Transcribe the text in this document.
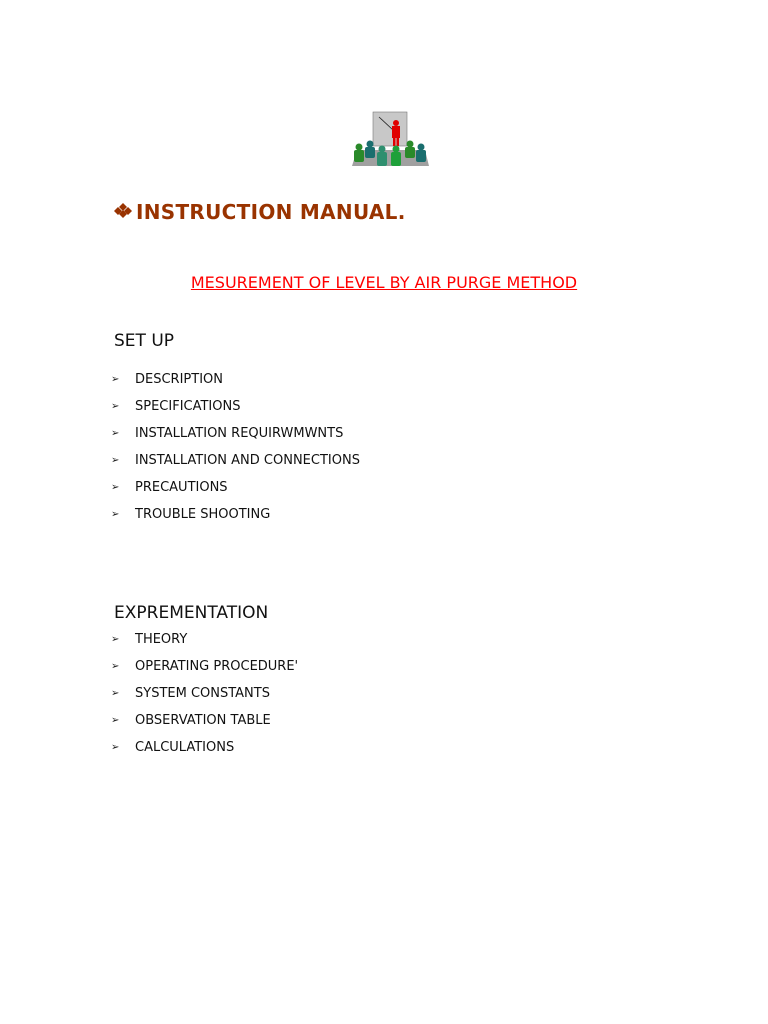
INSTRUCTION MANUAL.
MESUREMENT OF LEVEL BY AIR PURGE METHOD
SET UP
➢	DESCRIPTION
➢	SPECIFICATIONS
➢	INSTALLATION REQUIRWMWNTS
➢	INSTALLATION AND CONNECTIONS
➢	PRECAUTIONS
➢	TROUBLE SHOOTING
EXPREMENTATION
➢	THEORY
➢	OPERATING PROCEDURE'
➢	SYSTEM CONSTANTS
➢	OBSERVATION TABLE
➢	CALCULATIONS
